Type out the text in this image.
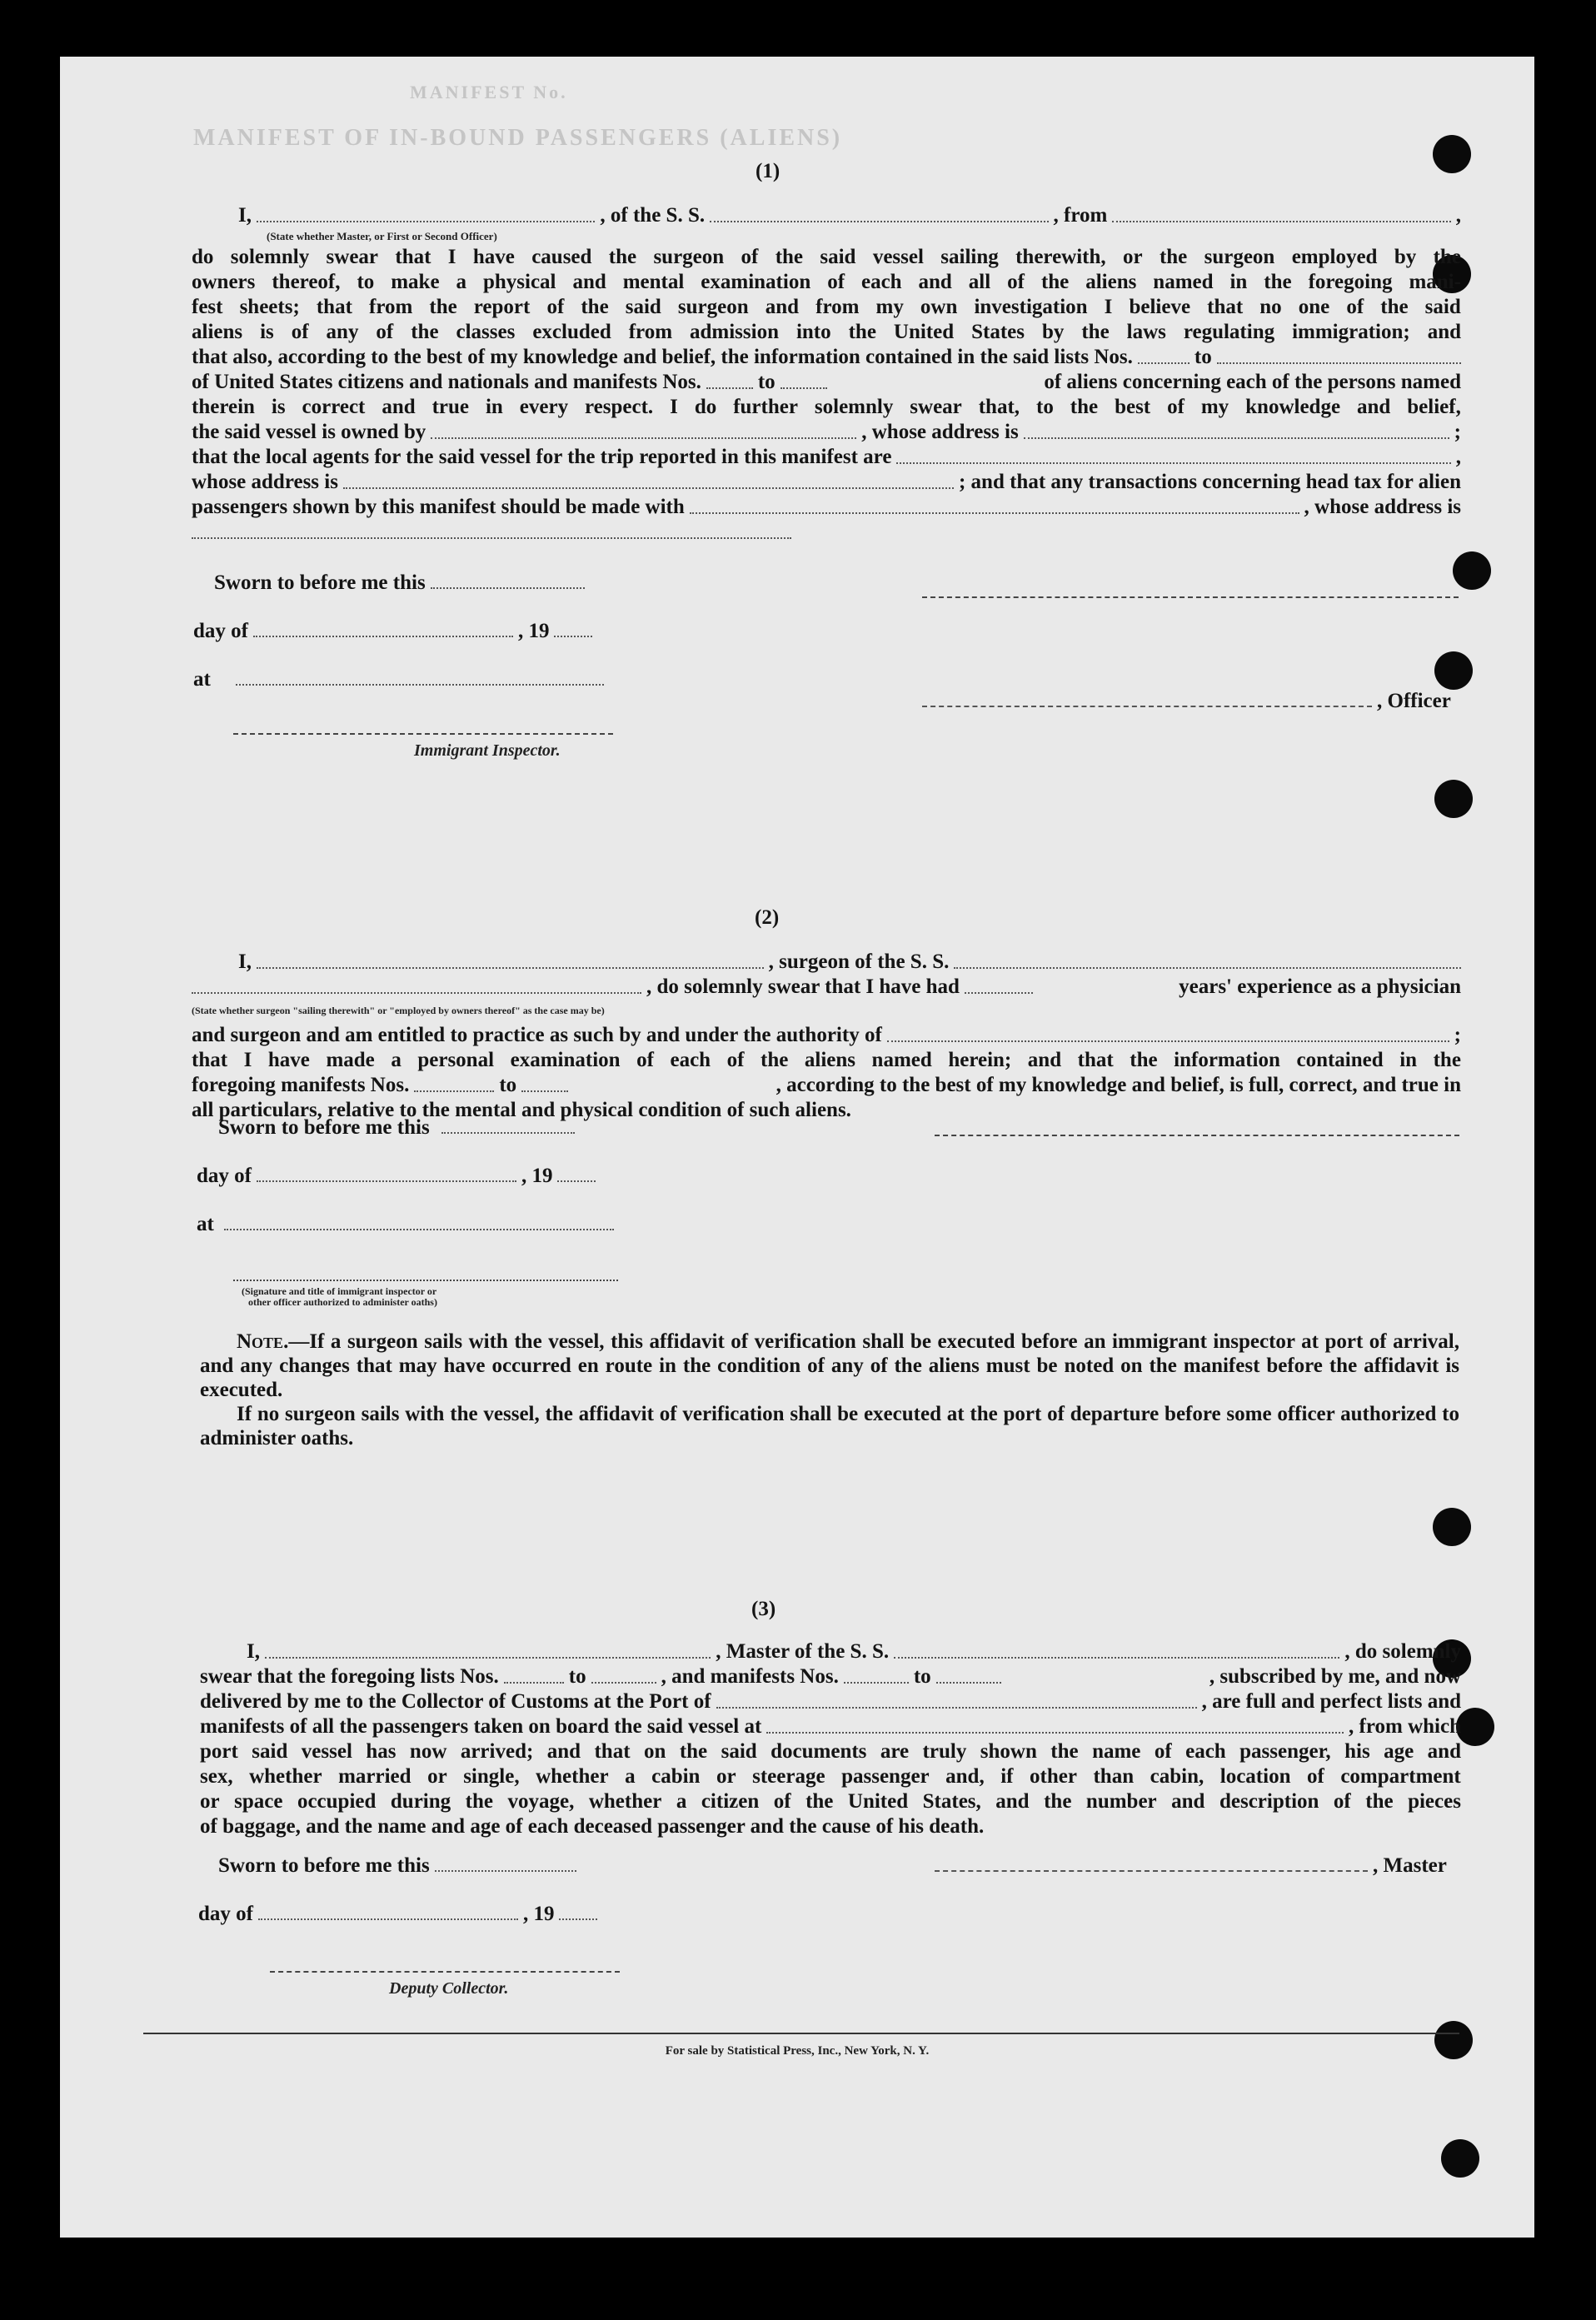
MANIFEST No.
MANIFEST OF IN-BOUND PASSENGERS (ALIENS)
(1)
I,	, of the S. S.	, from	,
(State whether Master, or First or Second Officer)
do solemnly swear that I have caused the surgeon of the said vessel sailing therewith, or the surgeon employed by the
owners thereof, to make a physical and mental examination of each and all of the aliens named in the foregoing mani-
fest sheets; that from the report of the said surgeon and from my own investigation I believe that no one of the said
aliens is of any of the classes excluded from admission into the United States by the laws regulating immigration; and
that also, according to the best of my knowledge and belief, the information contained in the said lists Nos.	to
of United States citizens and nationals and manifests Nos.	to	of aliens concerning each of the persons named
therein is correct and true in every respect. I do further solemnly swear that, to the best of my knowledge and belief,
the said vessel is owned by	, whose address is	;
that the local agents for the said vessel for the trip reported in this manifest are	,
whose address is	; and that any transactions concerning head tax for alien
passengers shown by this manifest should be made with	, whose address is
Sworn to before me this
day of	, 19
at
Immigrant Inspector.
, Officer
(2)
I,	, surgeon of the S. S.
, do solemnly swear that I have had	years' experience as a physician
(State whether surgeon "sailing therewith" or "employed by owners thereof" as the case may be)
and surgeon and am entitled to practice as such by and under the authority of	;
that I have made a personal examination of each of the aliens named herein; and that the information contained in the
foregoing manifests Nos.	to	, according to the best of my knowledge and belief, is full, correct, and true in
all particulars, relative to the mental and physical condition of such aliens.
Sworn to before me this
day of	, 19
at
(Signature and title of immigrant inspector or
other officer authorized to administer oaths)

Note.—If a surgeon sails with the vessel, this affidavit of verification shall be executed before an immigrant inspector at port of arrival, and any changes that may have occurred en route in the condition of any of the aliens must be noted on the manifest before the affidavit is executed.

If no surgeon sails with the vessel, the affidavit of verification shall be executed at the port of departure before some officer authorized to administer oaths.

(3)
I,	, Master of the S. S.	, do solemnly
swear that the foregoing lists Nos.	to	, and manifests Nos.	to	, subscribed by me, and now
delivered by me to the Collector of Customs at the Port of	, are full and perfect lists and
manifests of all the passengers taken on board the said vessel at	, from which
port said vessel has now arrived; and that on the said documents are truly shown the name of each passenger, his age and
sex, whether married or single, whether a cabin or steerage passenger and, if other than cabin, location of compartment
or space occupied during the voyage, whether a citizen of the United States, and the number and description of the pieces
of baggage, and the name and age of each deceased passenger and the cause of his death.
Sworn to before me this	, Master
day of	, 19
Deputy Collector.
For sale by Statistical Press, Inc., New York, N. Y.
